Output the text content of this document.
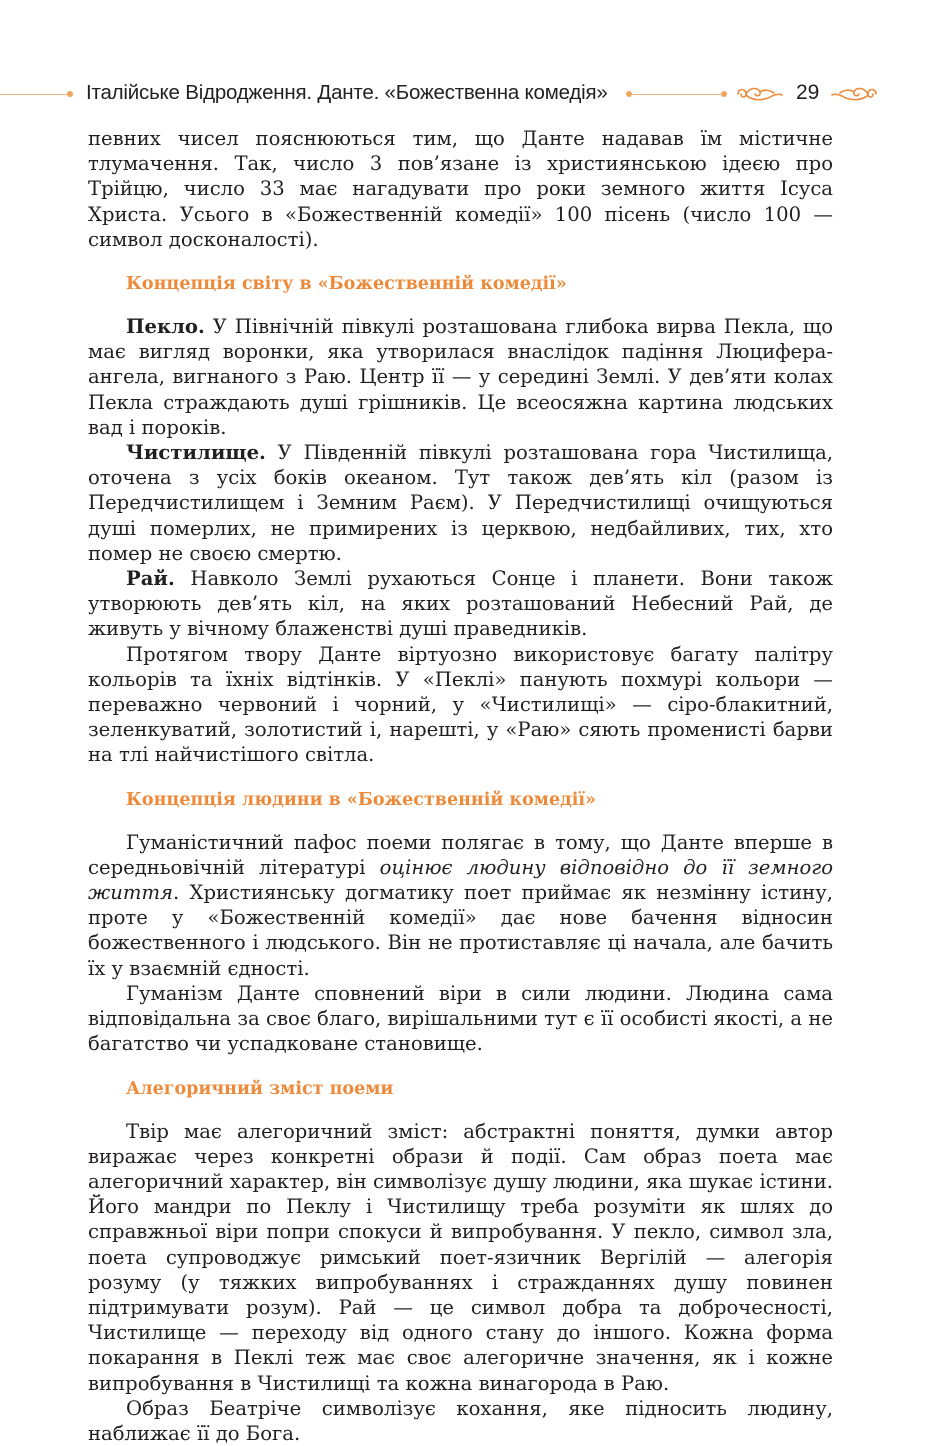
Італійське Відродження. Данте. «Божественна комедія»	29

певних чисел пояснюються тим, що Данте надавав їм містичне тлумачення. Так, число 3 пов’язане із християнською ідеєю про Трійцю, число 33 має нагадувати про роки земного життя Ісуса Христа. Усього в «Божественній комедії» 100 пісень (число 100 — символ досконалості).

Концепція світу в «Божественній комедії»

Пекло. У Північній півкулі розташована глибока вирва Пекла, що має вигляд воронки, яка утворилася внаслідок падіння Люцифера-ангела, вигнаного з Раю. Центр її — у середині Землі. У дев’яти колах Пекла страждають душі грішників. Це всеосяжна картина людських вад і пороків.

Чистилище. У Південній півкулі розташована гора Чистилища, оточена з усіх боків океаном. Тут також дев’ять кіл (разом із Передчистилищем і Земним Раєм). У Передчистилищі очищуються душі померлих, не примирених із церквою, недбайливих, тих, хто помер не своєю смертю.

Рай. Навколо Землі рухаються Сонце і планети. Вони також утворюють дев’ять кіл, на яких розташований Небесний Рай, де живуть у вічному блаженстві душі праведників.

Протягом твору Данте віртуозно використовує багату палітру кольорів та їхніх відтінків. У «Пеклі» панують похмурі кольори — переважно червоний і чорний, у «Чистилищі» — сіро-блакитний, зеленкуватий, золотистий і, нарешті, у «Раю» сяють променисті барви на тлі найчистішого світла.

Концепція людини в «Божественній комедії»

Гуманістичний пафос поеми полягає в тому, що Данте вперше в середньовічній літературі оцінює людину відповідно до її земного життя. Християнську догматику поет приймає як незмінну істину, проте у «Божественній комедії» дає нове бачення відносин божественного і людського. Він не протиставляє ці начала, але бачить їх у взаємній єдності.

Гуманізм Данте сповнений віри в сили людини. Людина сама відповідальна за своє благо, вирішальними тут є її особисті якості, а не багатство чи успадковане становище.

Алегоричний зміст поеми

Твір має алегоричний зміст: абстрактні поняття, думки автор виражає через конкретні образи й події. Сам образ поета має алегоричний характер, він символізує душу людини, яка шукає істини. Його мандри по Пеклу і Чистилищу треба розуміти як шлях до справжньої віри попри спокуси й випробування. У пекло, символ зла, поета супроводжує римський поет-язичник Вергілій — алегорія розуму (у тяжких випробуваннях і стражданнях душу повинен підтримувати розум). Рай — це символ добра та доброчесності, Чистилище — переходу від одного стану до іншого. Кожна форма покарання в Пеклі теж має своє алегоричне значення, як і кожне випробування в Чистилищі та кожна винагорода в Раю.

Образ Беатріче символізує кохання, яке підносить людину, наближає її до Бога.
